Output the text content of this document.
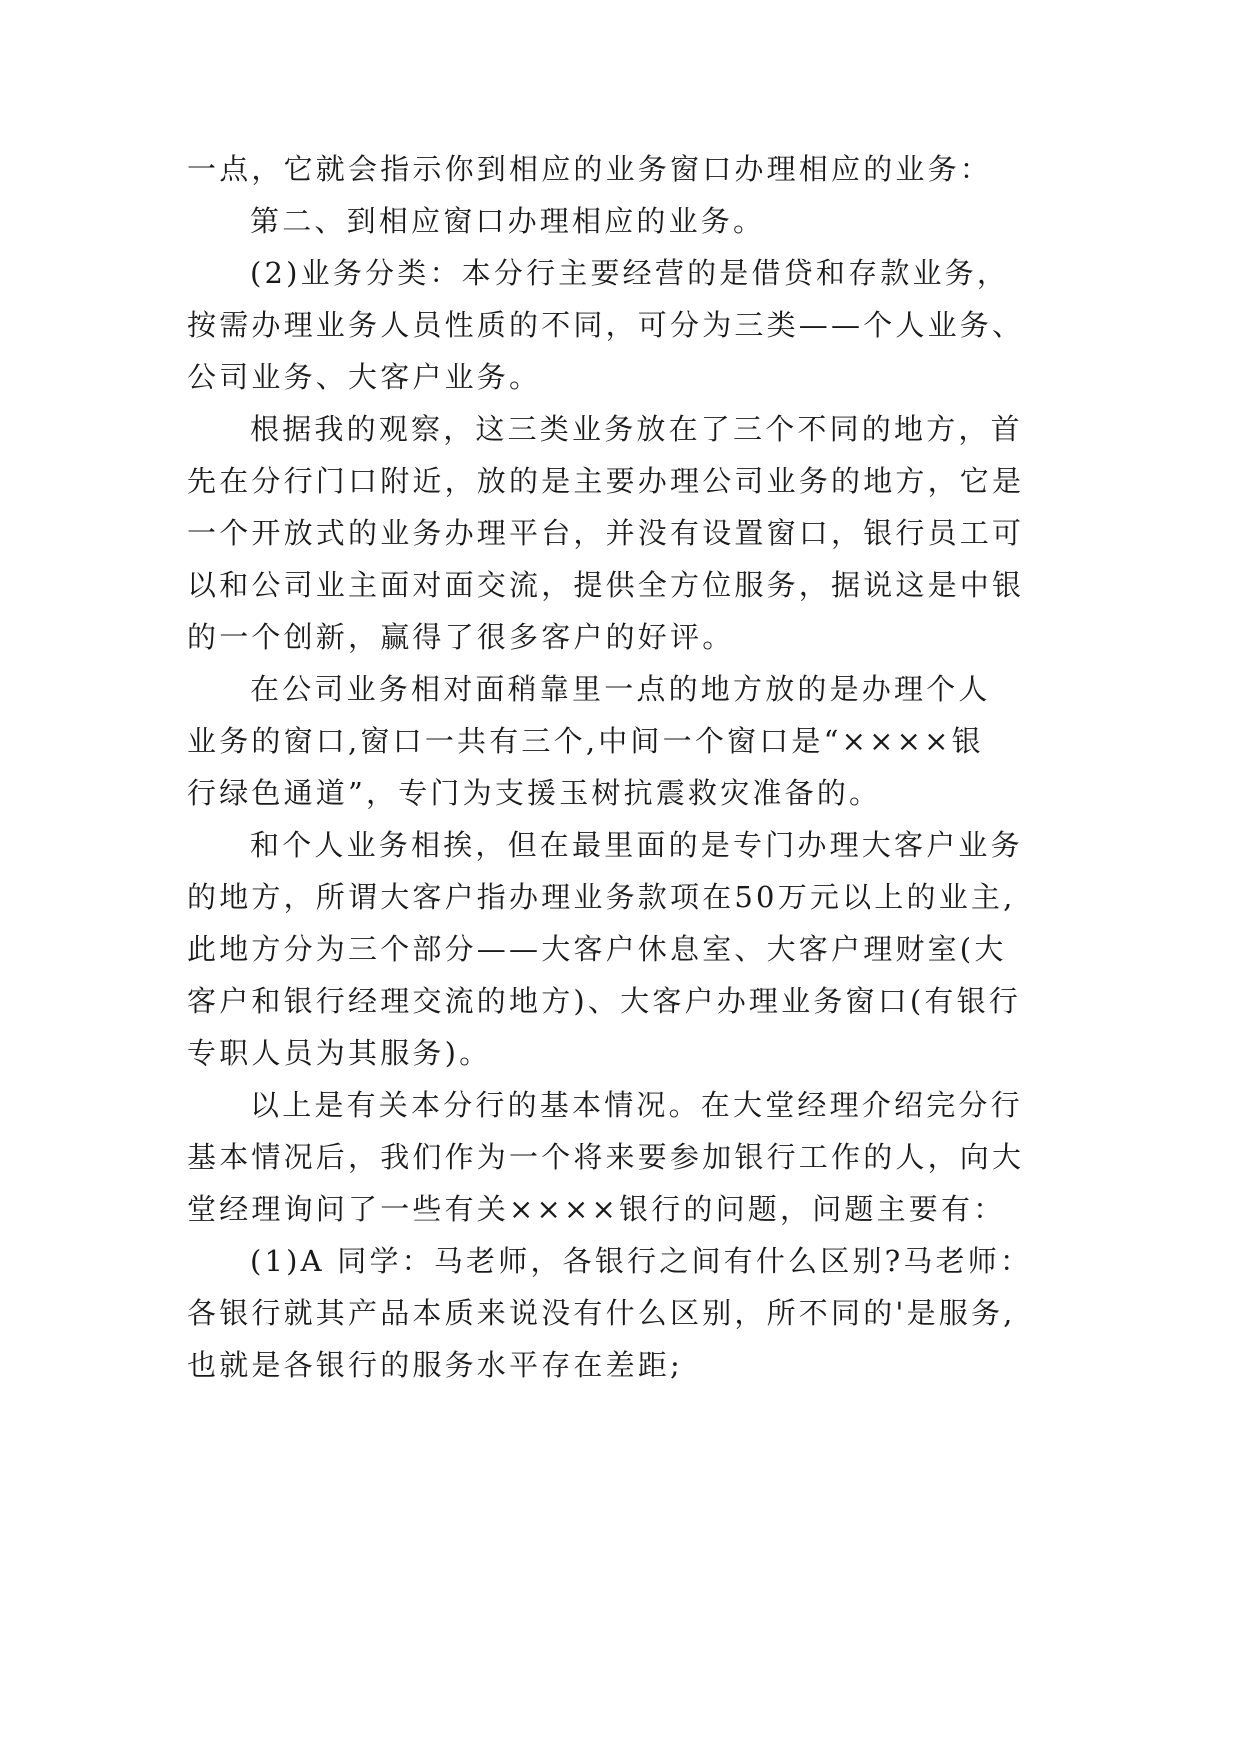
一点，它就会指示你到相应的业务窗口办理相应的业务：
第二、到相应窗口办理相应的业务。
(2)业务分类：本分行主要经营的是借贷和存款业务，
按需办理业务人员性质的不同，可分为三类——个人业务、
公司业务、大客户业务。
根据我的观察，这三类业务放在了三个不同的地方，首
先在分行门口附近，放的是主要办理公司业务的地方，它是
一个开放式的业务办理平台，并没有设置窗口，银行员工可
以和公司业主面对面交流，提供全方位服务，据说这是中银
的一个创新，赢得了很多客户的好评。
在公司业务相对面稍靠里一点的地方放的是办理个人
业务的窗口,窗口一共有三个,中间一个窗口是“××××银
行绿色通道”，专门为支援玉树抗震救灾准备的。
和个人业务相挨，但在最里面的是专门办理大客户业务
的地方，所谓大客户指办理业务款项在50万元以上的业主,
此地方分为三个部分——大客户休息室、大客户理财室(大
客户和银行经理交流的地方)、大客户办理业务窗口(有银行
专职人员为其服务)。
以上是有关本分行的基本情况。在大堂经理介绍完分行
基本情况后，我们作为一个将来要参加银行工作的人，向大
堂经理询问了一些有关××××银行的问题，问题主要有：
(1)A 同学：马老师，各银行之间有什么区别?马老师：
各银行就其产品本质来说没有什么区别，所不同的'是服务,
也就是各银行的服务水平存在差距;
